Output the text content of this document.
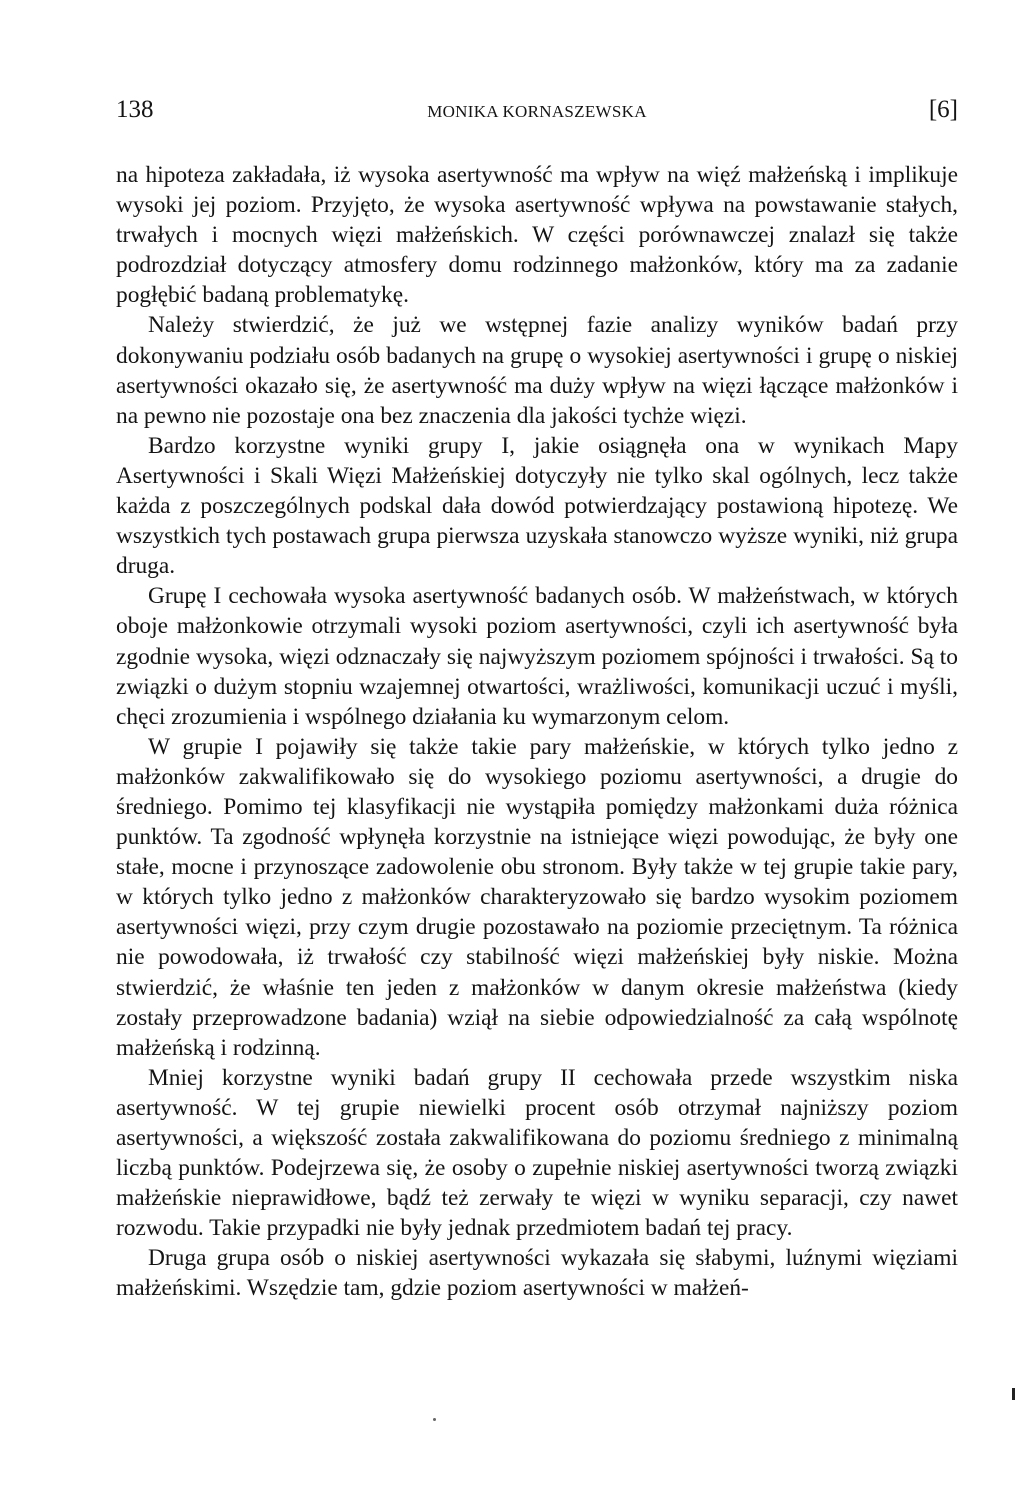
138	MONIKA KORNASZEWSKA	[6]

na hipoteza zakładała, iż wysoka asertywność ma wpływ na więź małżeńską i implikuje wysoki jej poziom. Przyjęto, że wysoka asertywność wpływa na powstawanie stałych, trwałych i mocnych więzi małżeńskich. W części porównawczej znalazł się także podrozdział dotyczący atmosfery domu rodzinnego małżonków, który ma za zadanie pogłębić badaną problematykę.

Należy stwierdzić, że już we wstępnej fazie analizy wyników badań przy dokonywaniu podziału osób badanych na grupę o wysokiej asertywności i grupę o niskiej asertywności okazało się, że asertywność ma duży wpływ na więzi łączące małżonków i na pewno nie pozostaje ona bez znaczenia dla jakości tychże więzi.

Bardzo korzystne wyniki grupy I, jakie osiągnęła ona w wynikach Mapy Asertywności i Skali Więzi Małżeńskiej dotyczyły nie tylko skal ogólnych, lecz także każda z poszczególnych podskal dała dowód potwierdzający postawioną hipotezę. We wszystkich tych postawach grupa pierwsza uzyskała stanowczo wyższe wyniki, niż grupa druga.

Grupę I cechowała wysoka asertywność badanych osób. W małżeństwach, w których oboje małżonkowie otrzymali wysoki poziom asertywności, czyli ich asertywność była zgodnie wysoka, więzi odznaczały się najwyższym poziomem spójności i trwałości. Są to związki o dużym stopniu wzajemnej otwartości, wrażliwości, komunikacji uczuć i myśli, chęci zrozumienia i wspólnego działania ku wymarzonym celom.

W grupie I pojawiły się także takie pary małżeńskie, w których tylko jedno z małżonków zakwalifikowało się do wysokiego poziomu asertywności, a drugie do średniego. Pomimo tej klasyfikacji nie wystąpiła pomiędzy małżonkami duża różnica punktów. Ta zgodność wpłynęła korzystnie na istniejące więzi powodując, że były one stałe, mocne i przynoszące zadowolenie obu stronom. Były także w tej grupie takie pary, w których tylko jedno z małżonków charakteryzowało się bardzo wysokim poziomem asertywności więzi, przy czym drugie pozostawało na poziomie przeciętnym. Ta różnica nie powodowała, iż trwałość czy stabilność więzi małżeńskiej były niskie. Można stwierdzić, że właśnie ten jeden z małżonków w danym okresie małżeństwa (kiedy zostały przeprowadzone badania) wziął na siebie odpowiedzialność za całą wspólnotę małżeńską i rodzinną.

Mniej korzystne wyniki badań grupy II cechowała przede wszystkim niska asertywność. W tej grupie niewielki procent osób otrzymał najniższy poziom asertywności, a większość została zakwalifikowana do poziomu średniego z minimalną liczbą punktów. Podejrzewa się, że osoby o zupełnie niskiej asertywności tworzą związki małżeńskie nieprawidłowe, bądź też zerwały te więzi w wyniku separacji, czy nawet rozwodu. Takie przypadki nie były jednak przedmiotem badań tej pracy.

Druga grupa osób o niskiej asertywności wykazała się słabymi, luźnymi więziami małżeńskimi. Wszędzie tam, gdzie poziom asertywności w małżeń-
